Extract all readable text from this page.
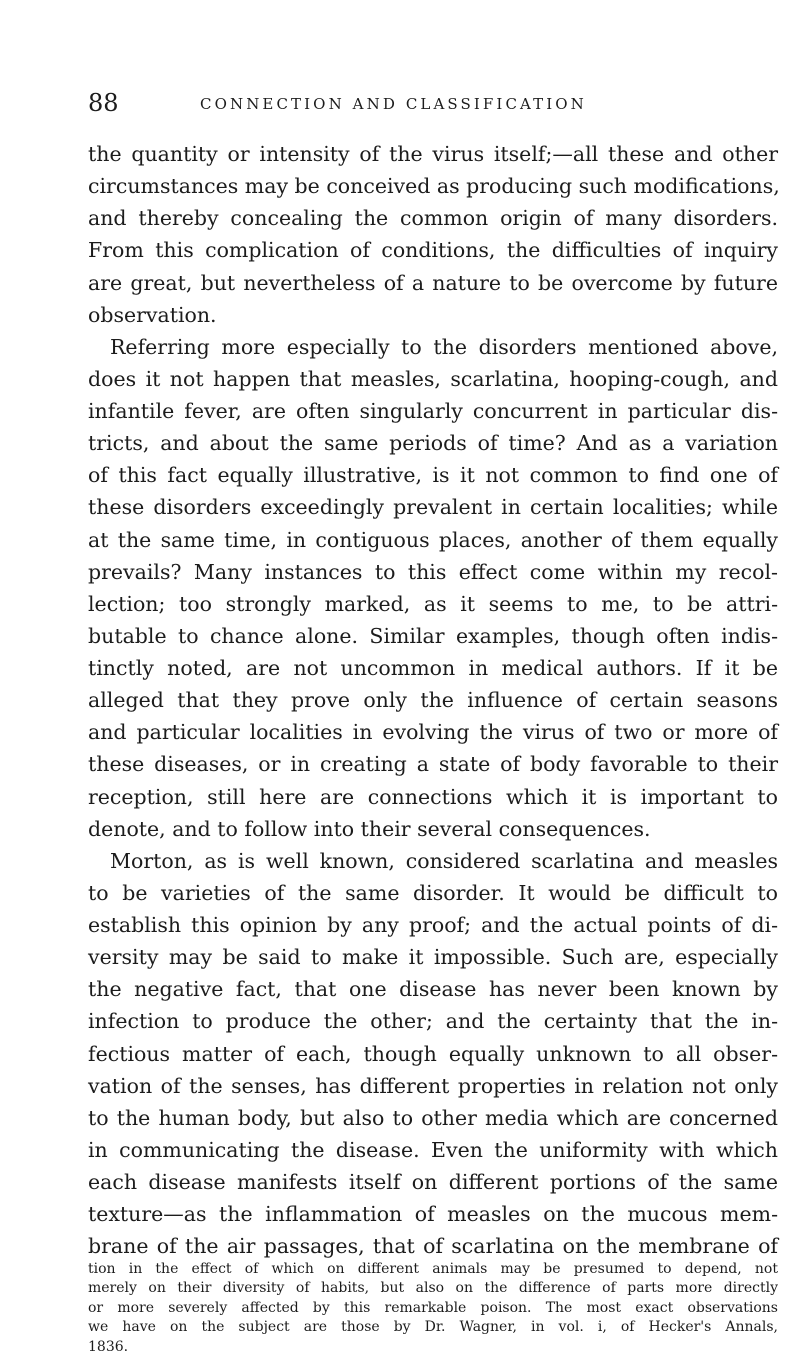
88	CONNECTION AND CLASSIFICATION
the quantity or intensity of the virus itself;—all these and other
circumstances may be conceived as producing such modifications,
and thereby concealing the common origin of many disorders.
From this complication of conditions, the difficulties of inquiry
are great, but nevertheless of a nature to be overcome by future
observation.
Referring more especially to the disorders mentioned above,
does it not happen that measles, scarlatina, hooping-cough, and
infantile fever, are often singularly concurrent in particular dis-
tricts, and about the same periods of time? And as a variation
of this fact equally illustrative, is it not common to find one of
these disorders exceedingly prevalent in certain localities; while
at the same time, in contiguous places, another of them equally
prevails? Many instances to this effect come within my recol-
lection; too strongly marked, as it seems to me, to be attri-
butable to chance alone. Similar examples, though often indis-
tinctly noted, are not uncommon in medical authors. If it be
alleged that they prove only the influence of certain seasons
and particular localities in evolving the virus of two or more of
these diseases, or in creating a state of body favorable to their
reception, still here are connections which it is important to
denote, and to follow into their several consequences.
Morton, as is well known, considered scarlatina and measles
to be varieties of the same disorder. It would be difficult to
establish this opinion by any proof; and the actual points of di-
versity may be said to make it impossible. Such are, especially
the negative fact, that one disease has never been known by
infection to produce the other; and the certainty that the in-
fectious matter of each, though equally unknown to all obser-
vation of the senses, has different properties in relation not only
to the human body, but also to other media which are concerned
in communicating the disease. Even the uniformity with which
each disease manifests itself on different portions of the same
texture—as the inflammation of measles on the mucous mem-
brane of the air passages, that of scarlatina on the membrane of
tion in the effect of which on different animals may be presumed to depend, not
merely on their diversity of habits, but also on the difference of parts more directly
or more severely affected by this remarkable poison. The most exact observations
we have on the subject are those by Dr. Wagner, in vol. i, of Hecker's Annals,
1836.
